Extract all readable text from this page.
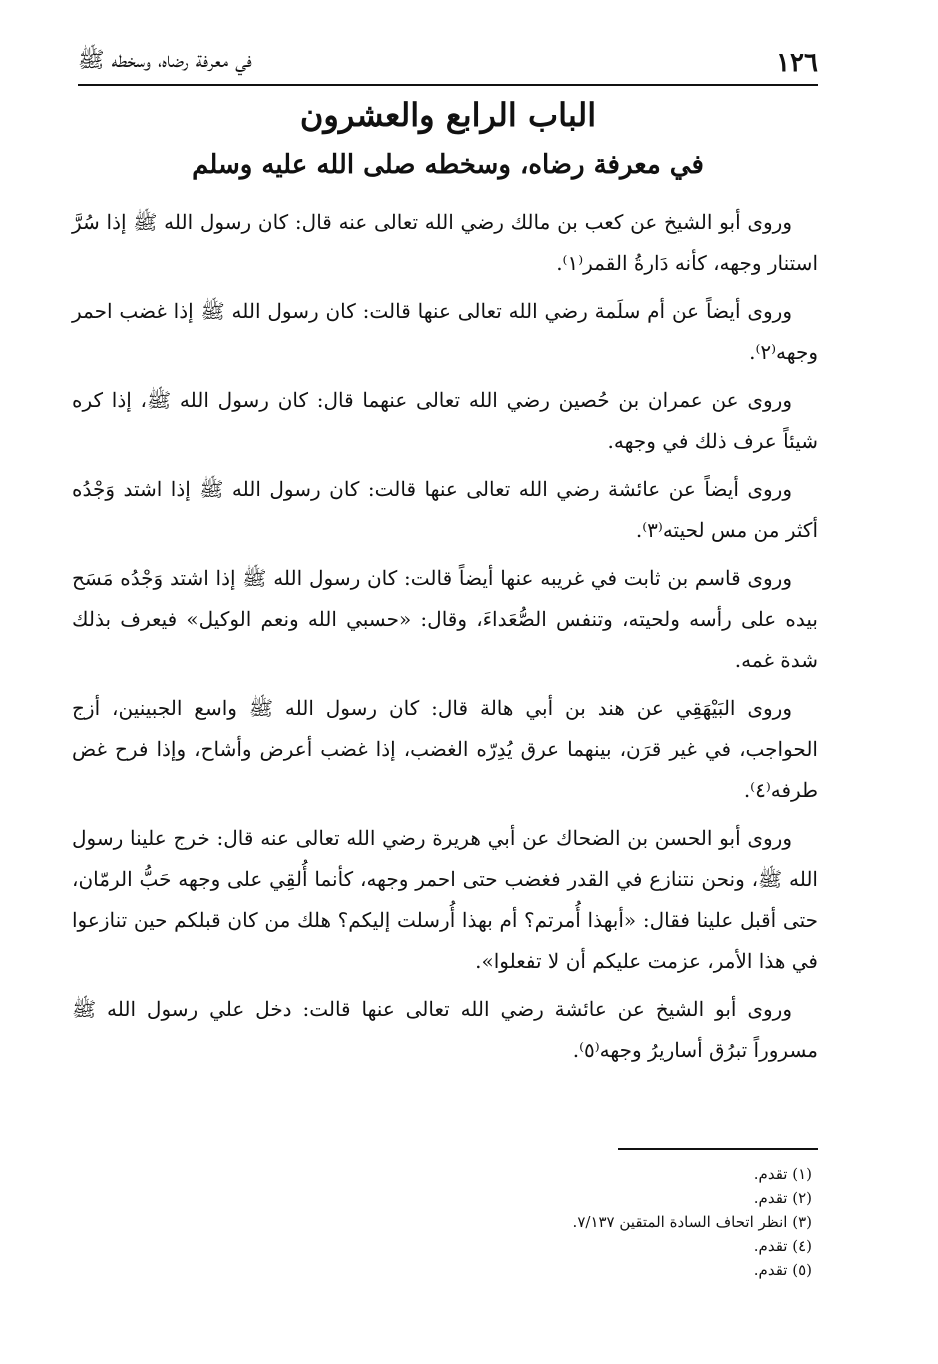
١٢٦
في معرفة رضاه، وسخطه ﷺ
الباب الرابع والعشرون
في معرفة رضاه، وسخطه صلى الله عليه وسلم

وروى أبو الشيخ عن كعب بن مالك رضي الله تعالى عنه قال: كان رسول الله ﷺ إذا سُرَّ استنار وجهه، كأنه دَارةُ القمر⁽١⁾.

وروى أيضاً عن أم سلَمة رضي الله تعالى عنها قالت: كان رسول الله ﷺ إذا غضب احمر وجهه⁽٢⁾.

وروى عن عمران بن حُصين رضي الله تعالى عنهما قال: كان رسول الله ﷺ، إذا كره شيئاً عرف ذلك في وجهه.

وروى أيضاً عن عائشة رضي الله تعالى عنها قالت: كان رسول الله ﷺ إذا اشتد وَجْدُه أكثر من مس لحيته⁽٣⁾.

وروى قاسم بن ثابت في غريبه عنها أيضاً قالت: كان رسول الله ﷺ إذا اشتد وَجْدُه مَسَح بيده على رأسه ولحيته، وتنفس الصُّعَداءَ، وقال: «حسبي الله ونعم الوكيل» فيعرف بذلك شدة غمه.

وروى البَيْهَقِي عن هند بن أبي هالة قال: كان رسول الله ﷺ واسع الجبينين، أزج الحواجب، في غير قرَن، بينهما عرق يُدِرّه الغضب، إذا غضب أعرض وأشاح، وإذا فرح غض طرفه⁽٤⁾.

وروى أبو الحسن بن الضحاك عن أبي هريرة رضي الله تعالى عنه قال: خرج علينا رسول الله ﷺ، ونحن نتنازع في القدر فغضب حتى احمر وجهه، كأنما أُلقِي على وجهه حَبُّ الرمّان، حتى أقبل علينا فقال: «أبهذا أُمرتم؟ أم بهذا أُرسلت إليكم؟ هلك من كان قبلكم حين تنازعوا في هذا الأمر، عزمت عليكم أن لا تفعلوا».

وروى أبو الشيخ عن عائشة رضي الله تعالى عنها قالت: دخل علي رسول الله ﷺ مسروراً تبرُق أساريرُ وجهه⁽٥⁾.

(١) تقدم.
(٢) تقدم.
(٣) انظر اتحاف السادة المتقين ٧/١٣٧.
(٤) تقدم.
(٥) تقدم.
